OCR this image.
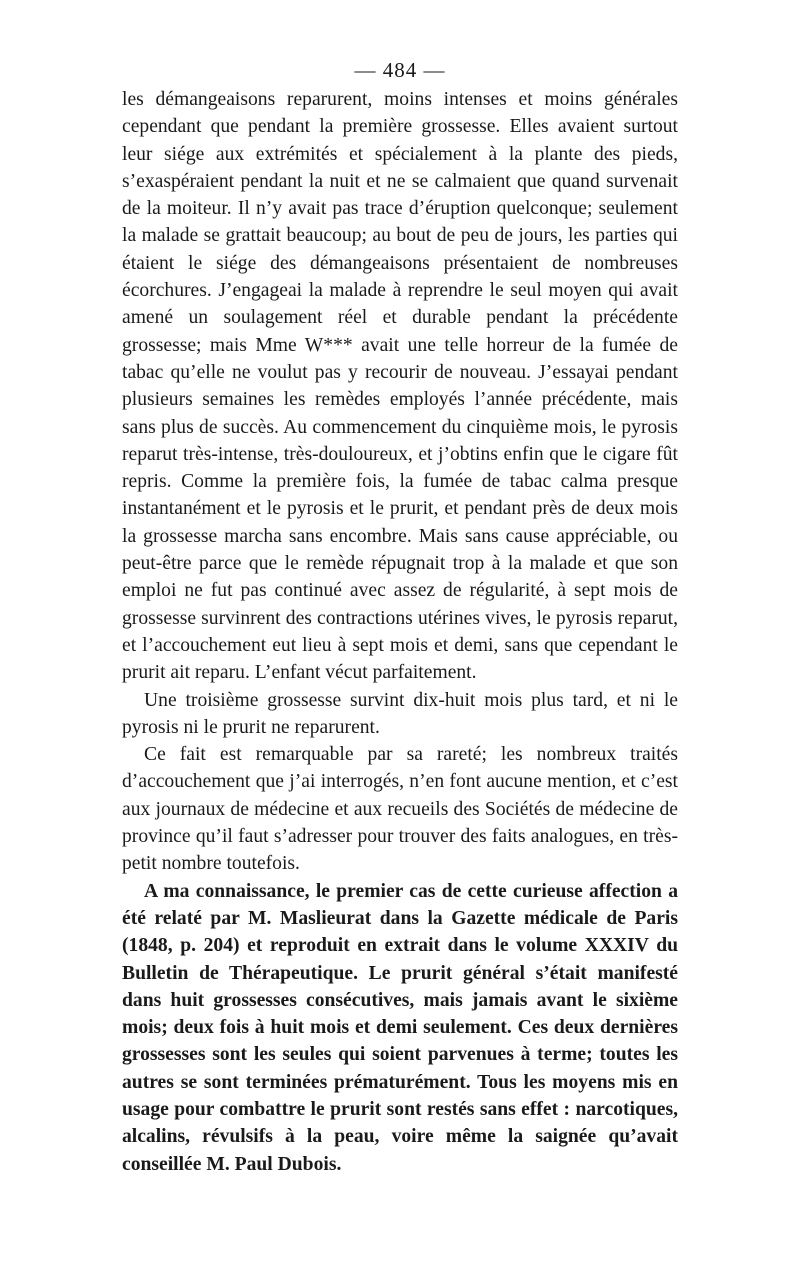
— 484 —

les démangeaisons reparurent, moins intenses et moins générales cependant que pendant la première grossesse. Elles avaient surtout leur siége aux extrémités et spécialement à la plante des pieds, s’exaspéraient pendant la nuit et ne se calmaient que quand survenait de la moiteur. Il n’y avait pas trace d’éruption quelconque; seulement la malade se grattait beaucoup; au bout de peu de jours, les parties qui étaient le siége des démangeaisons présentaient de nombreuses écorchures. J’engageai la malade à reprendre le seul moyen qui avait amené un soulagement réel et durable pendant la précédente grossesse; mais Mme W*** avait une telle horreur de la fumée de tabac qu’elle ne voulut pas y recourir de nouveau. J’essayai pendant plusieurs semaines les remèdes employés l’année précédente, mais sans plus de succès. Au commencement du cinquième mois, le pyrosis reparut très-intense, très-douloureux, et j’obtins enfin que le cigare fût repris. Comme la première fois, la fumée de tabac calma presque instantanément et le pyrosis et le prurit, et pendant près de deux mois la grossesse marcha sans encombre. Mais sans cause appréciable, ou peut-être parce que le remède répugnait trop à la malade et que son emploi ne fut pas continué avec assez de régularité, à sept mois de grossesse survinrent des contractions utérines vives, le pyrosis reparut, et l’accouchement eut lieu à sept mois et demi, sans que cependant le prurit ait reparu. L’enfant vécut parfaitement.

Une troisième grossesse survint dix-huit mois plus tard, et ni le pyrosis ni le prurit ne reparurent.

Ce fait est remarquable par sa rareté; les nombreux traités d’accouchement que j’ai interrogés, n’en font aucune mention, et c’est aux journaux de médecine et aux recueils des Sociétés de médecine de province qu’il faut s’adresser pour trouver des faits analogues, en très-petit nombre toutefois.

A ma connaissance, le premier cas de cette curieuse affection a été relaté par M. Maslieurat dans la Gazette médicale de Paris (1848, p. 204) et reproduit en extrait dans le volume XXXIV du Bulletin de Thérapeutique. Le prurit général s’était manifesté dans huit grossesses consécutives, mais jamais avant le sixième mois; deux fois à huit mois et demi seulement. Ces deux dernières grossesses sont les seules qui soient parvenues à terme; toutes les autres se sont terminées prématurément. Tous les moyens mis en usage pour combattre le prurit sont restés sans effet : narcotiques, alcalins, révulsifs à la peau, voire même la saignée qu’avait conseillée M. Paul Dubois.
